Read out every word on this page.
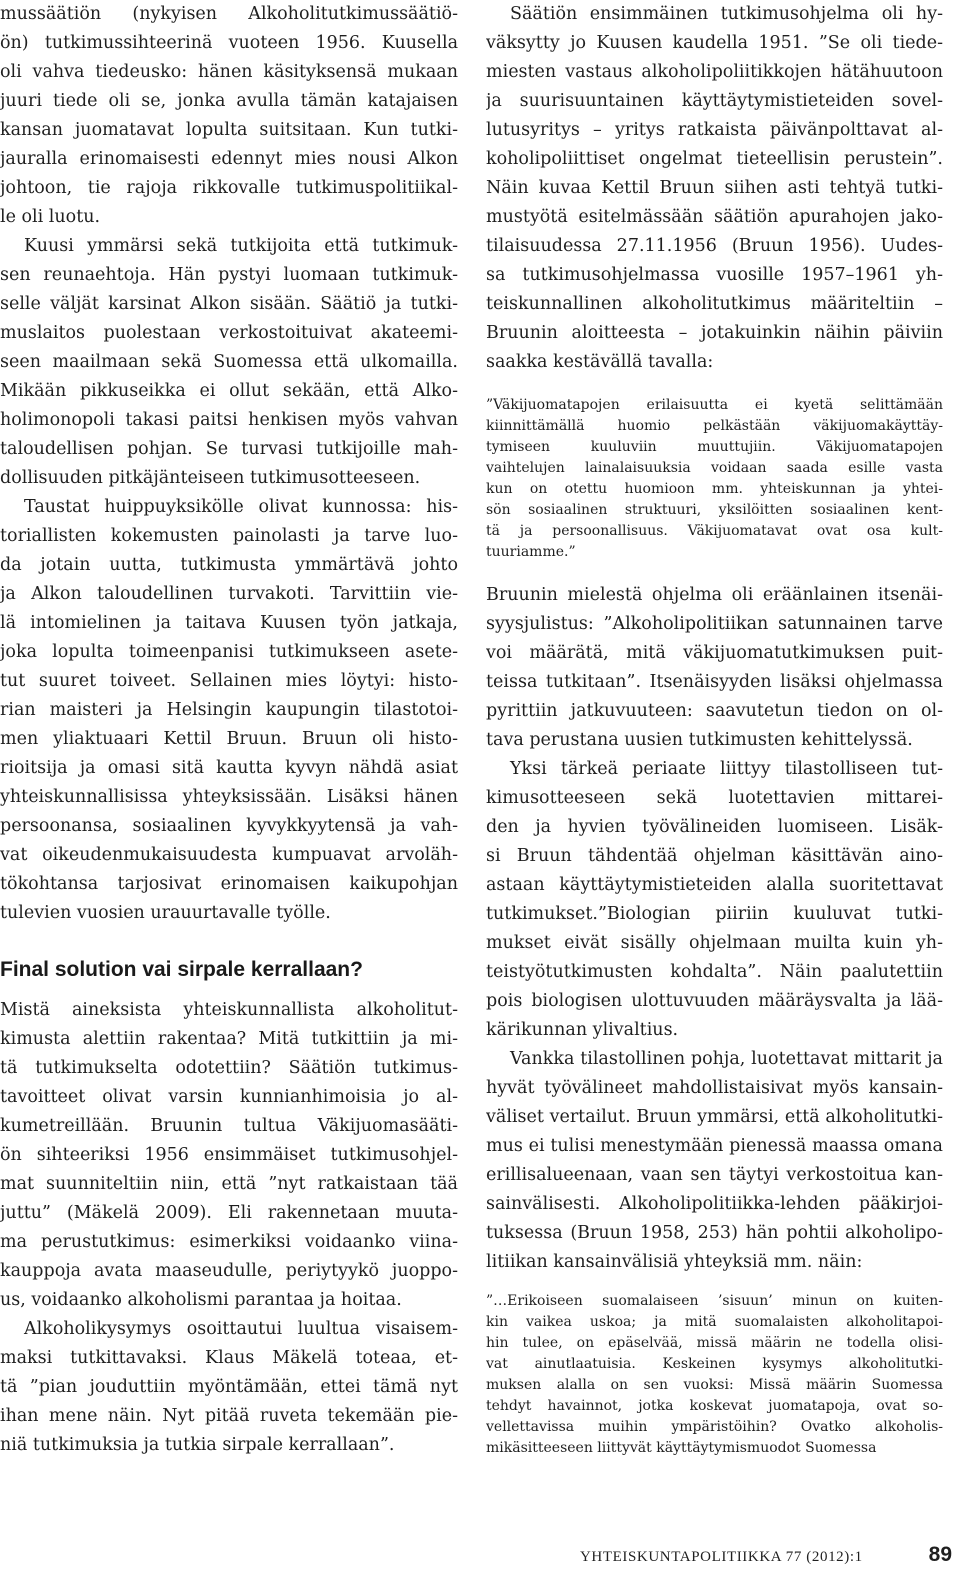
mussäätiön (nykyisen Alkoholitutkimussäätiö-
ön) tutkimussihteerinä vuoteen 1956. Kuusella
oli vahva tiedeusko: hänen käsityksensä mukaan
juuri tiede oli se, jonka avulla tämän katajaisen
kansan juomatavat lopulta suitsitaan. Kun tutki-
jauralla erinomaisesti edennyt mies nousi Alkon
johtoon, tie rajoja rikkovalle tutkimuspolitiikal-
le oli luotu.
Kuusi ymmärsi sekä tutkijoita että tutkimuk-
sen reunaehtoja. Hän pystyi luomaan tutkimuk-
selle väljät karsinat Alkon sisään. Säätiö ja tutki-
muslaitos puolestaan verkostoituivat akateemi-
seen maailmaan sekä Suomessa että ulkomailla.
Mikään pikkuseikka ei ollut sekään, että Alko-
holimonopoli takasi paitsi henkisen myös vahvan
taloudellisen pohjan. Se turvasi tutkijoille mah-
dollisuuden pitkäjänteiseen tutkimusotteeseen.
Taustat huippuyksikölle olivat kunnossa: his-
toriallisten kokemusten painolasti ja tarve luo-
da jotain uutta, tutkimusta ymmärtävä johto
ja Alkon taloudellinen turvakoti. Tarvittiin vie-
lä intomielinen ja taitava Kuusen työn jatkaja,
joka lopulta toimeenpanisi tutkimukseen asete-
tut suuret toiveet. Sellainen mies löytyi: histo-
rian maisteri ja Helsingin kaupungin tilastotoi-
men yliaktuaari Kettil Bruun. Bruun oli histo-
rioitsija ja omasi sitä kautta kyvyn nähdä asiat
yhteiskunnallisissa yhteyksissään. Lisäksi hänen
persoonansa, sosiaalinen kyvykkyytensä ja vah-
vat oikeudenmukaisuudesta kumpuavat arvoläh-
tökohtansa tarjosivat erinomaisen kaikupohjan
tulevien vuosien urauurtavalle työlle.
Final solution vai sirpale kerrallaan?
Mistä aineksista yhteiskunnallista alkoholitut-
kimusta alettiin rakentaa? Mitä tutkittiin ja mi-
tä tutkimukselta odotettiin? Säätiön tutkimus-
tavoitteet olivat varsin kunnianhimoisia jo al-
kumetreillään. Bruunin tultua Väkijuomasääti-
ön sihteeriksi 1956 ensimmäiset tutkimusohjel-
mat suunniteltiin niin, että ”nyt ratkaistaan tää
juttu” (Mäkelä 2009). Eli rakennetaan muuta-
ma perustutkimus: esimerkiksi voidaanko viina-
kauppoja avata maaseudulle, periytyykö juoppo-
us, voidaanko alkoholismi parantaa ja hoitaa.
Alkoholikysymys osoittautui luultua visaisem-
maksi tutkittavaksi. Klaus Mäkelä toteaa, et-
tä ”pian jouduttiin myöntämään, ettei tämä nyt
ihan mene näin. Nyt pitää ruveta tekemään pie-
niä tutkimuksia ja tutkia sirpale kerrallaan”.
Säätiön ensimmäinen tutkimusohjelma oli hy-
väksytty jo Kuusen kaudella 1951. ”Se oli tiede-
miesten vastaus alkoholipoliitikkojen hätähuutoon
ja suurisuuntainen käyttäytymistieteiden sovel-
lutusyritys – yritys ratkaista päivänpolttavat al-
koholipoliittiset ongelmat tieteellisin perustein”.
Näin kuvaa Kettil Bruun siihen asti tehtyä tutki-
mustyötä esitelmässään säätiön apurahojen jako-
tilaisuudessa 27.11.1956 (Bruun 1956). Uudes-
sa tutkimusohjelmassa vuosille 1957–1961 yh-
teiskunnallinen alkoholitutkimus määriteltiin –
Bruunin aloitteesta – jotakuinkin näihin päiviin
saakka kestävällä tavalla:
”Väkijuomatapojen erilaisuutta ei kyetä selittämään
kiinnittämällä huomio pelkästään väkijuomakäyttäy-
tymiseen kuuluviin muuttujiin. Väkijuomatapojen
vaihtelujen lainalaisuuksia voidaan saada esille vasta
kun on otettu huomioon mm. yhteiskunnan ja yhtei-
sön sosiaalinen struktuuri, yksilöitten sosiaalinen kent-
tä ja persoonallisuus. Väkijuomatavat ovat osa kult-
tuuriamme.”
Bruunin mielestä ohjelma oli eräänlainen itsenäi-
syysjulistus: ”Alkoholipolitiikan satunnainen tarve
voi määrätä, mitä väkijuomatutkimuksen puit-
teissa tutkitaan”. Itsenäisyyden lisäksi ohjelmassa
pyrittiin jatkuvuuteen: saavutetun tiedon on ol-
tava perustana uusien tutkimusten kehittelyssä.
Yksi tärkeä periaate liittyy tilastolliseen tut-
kimusotteeseen sekä luotettavien mittarei-
den ja hyvien työvälineiden luomiseen. Lisäk-
si Bruun tähdentää ohjelman käsittävän aino-
astaan käyttäytymistieteiden alalla suoritettavat
tutkimukset.”Biologian piiriin kuuluvat tutki-
mukset eivät sisälly ohjelmaan muilta kuin yh-
teistyötutkimusten kohdalta”. Näin paalutettiin
pois biologisen ulottuvuuden määräysvalta ja lää-
kärikunnan ylivaltius.
Vankka tilastollinen pohja, luotettavat mittarit ja
hyvät työvälineet mahdollistaisivat myös kansain-
väliset vertailut. Bruun ymmärsi, että alkoholitutki-
mus ei tulisi menestymään pienessä maassa omana
erillisalueenaan, vaan sen täytyi verkostoitua kan-
sainvälisesti. Alkoholipolitiikka-lehden pääkirjoi-
tuksessa (Bruun 1958, 253) hän pohtii alkoholipo-
litiikan kansainvälisiä yhteyksiä mm. näin:
”…Erikoiseen suomalaiseen ’sisuun’ minun on kuiten-
kin vaikea uskoa; ja mitä suomalaisten alkoholitapoi-
hin tulee, on epäselvää, missä määrin ne todella olisi-
vat ainutlaatuisia. Keskeinen kysymys alkoholitutki-
muksen alalla on sen vuoksi: Missä määrin Suomessa
tehdyt havainnot, jotka koskevat juomatapoja, ovat so-
vellettavissa muihin ympäristöihin? Ovatko alkoholis-
mikäsitteeseen liittyvät käyttäytymismuodot Suomessa
YHTEISKUNTAPOLITIIKKA 77 (2012):1	89
